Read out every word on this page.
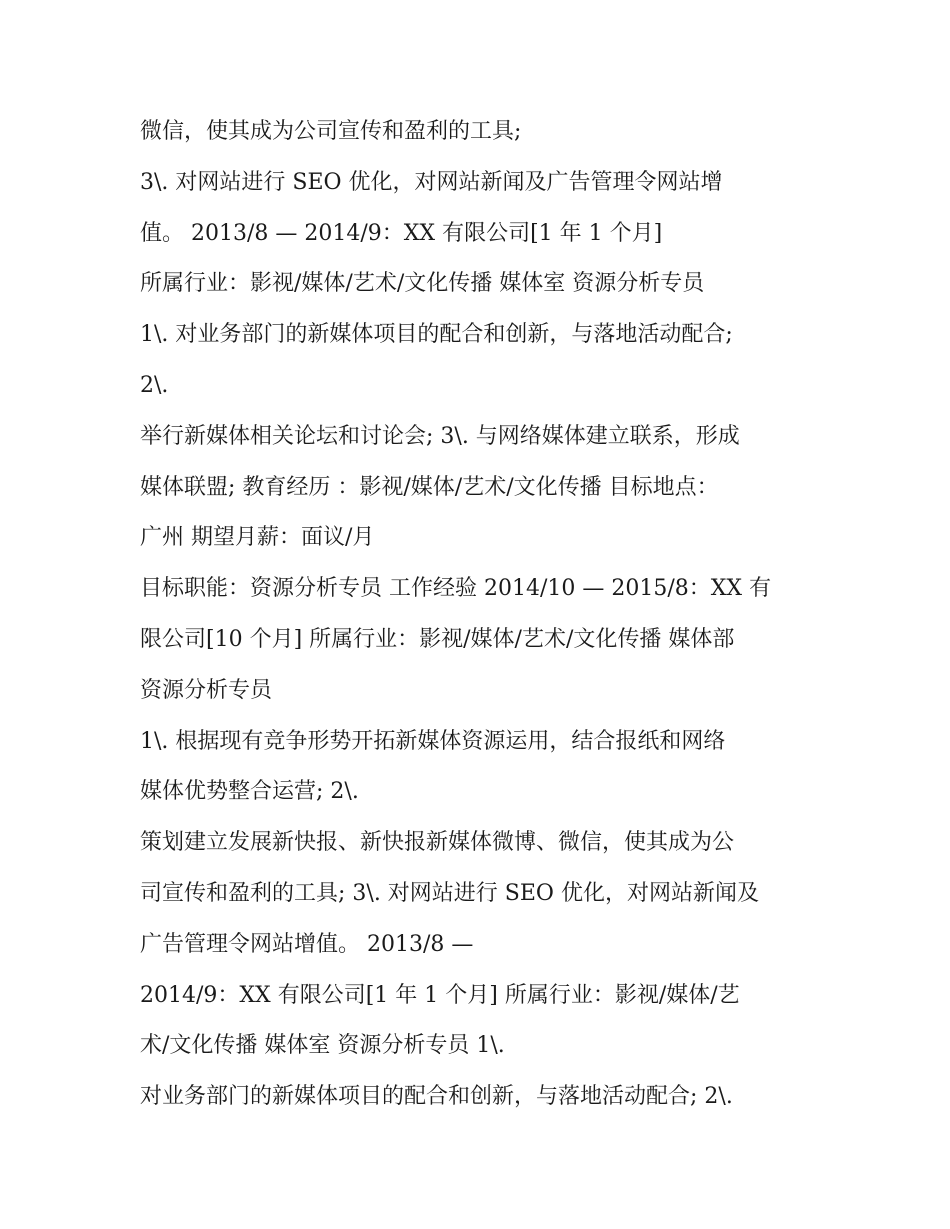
微信，使其成为公司宣传和盈利的工具;
3\. 对网站进行 SEO 优化，对网站新闻及广告管理令网站增
值。 2013/8 — 2014/9：XX 有限公司[1 年 1 个月]
所属行业：影视/媒体/艺术/文化传播 媒体室 资源分析专员
1\. 对业务部门的新媒体项目的配合和创新，与落地活动配合;
2\.
举行新媒体相关论坛和讨论会; 3\. 与网络媒体建立联系，形成
媒体联盟; 教育经历 ：影视/媒体/艺术/文化传播 目标地点：
广州 期望月薪：面议/月
目标职能：资源分析专员 工作经验 2014/10 — 2015/8：XX 有
限公司[10 个月] 所属行业：影视/媒体/艺术/文化传播 媒体部
资源分析专员
1\. 根据现有竞争形势开拓新媒体资源运用，结合报纸和网络
媒体优势整合运营; 2\.
策划建立发展新快报、新快报新媒体微博、微信，使其成为公
司宣传和盈利的工具; 3\. 对网站进行 SEO 优化，对网站新闻及
广告管理令网站增值。 2013/8 —
2014/9：XX 有限公司[1 年 1 个月] 所属行业：影视/媒体/艺
术/文化传播 媒体室 资源分析专员 1\.
对业务部门的新媒体项目的配合和创新，与落地活动配合; 2\.
